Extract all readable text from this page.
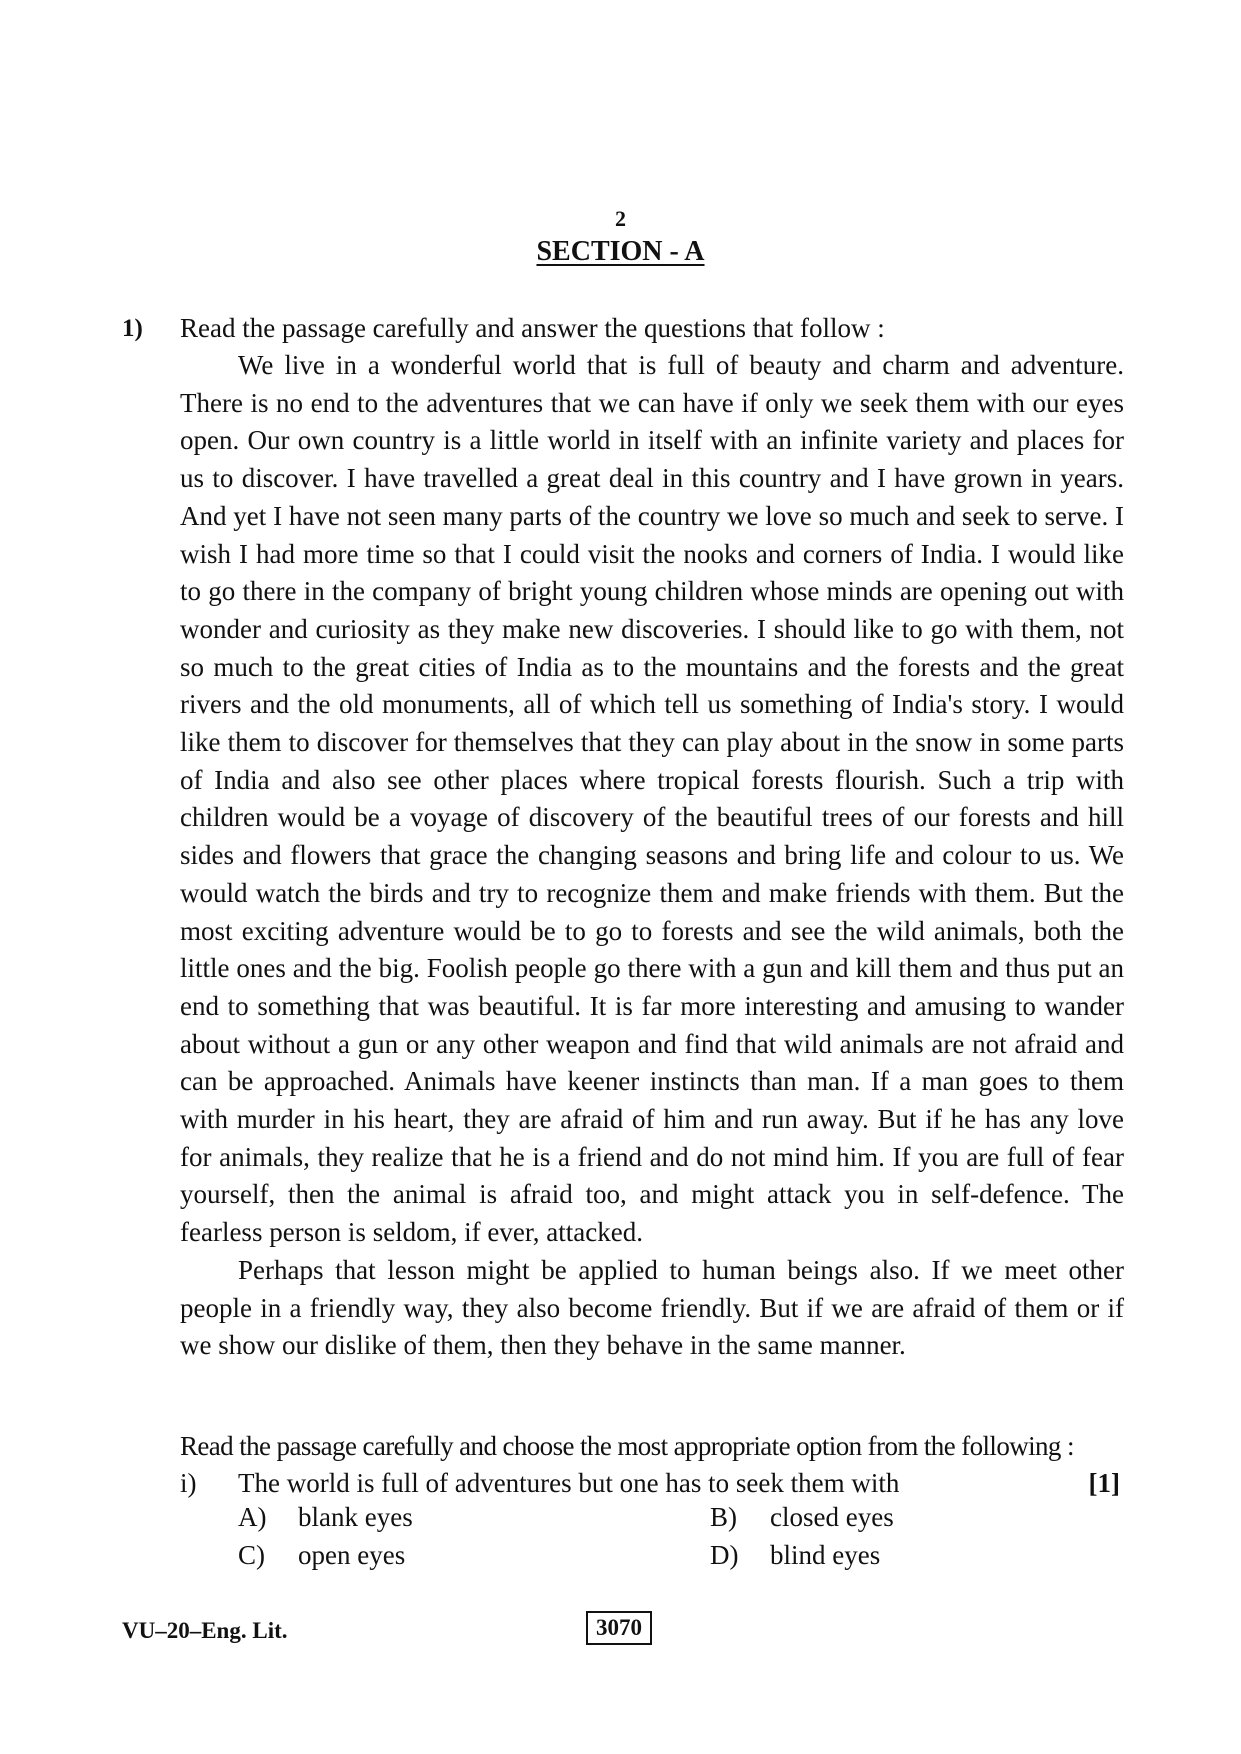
2
SECTION - A
1) Read the passage carefully and answer the questions that follow :

We live in a wonderful world that is full of beauty and charm and adventure. There is no end to the adventures that we can have if only we seek them with our eyes open. Our own country is a little world in itself with an infinite variety and places for us to discover. I have travelled a great deal in this country and I have grown in years. And yet I have not seen many parts of the country we love so much and seek to serve. I wish I had more time so that I could visit the nooks and corners of India. I would like to go there in the company of bright young children whose minds are opening out with wonder and curiosity as they make new discoveries. I should like to go with them, not so much to the great cities of India as to the mountains and the forests and the great rivers and the old monuments, all of which tell us something of India's story. I would like them to discover for themselves that they can play about in the snow in some parts of India and also see other places where tropical forests flourish. Such a trip with children would be a voyage of discovery of the beautiful trees of our forests and hill sides and flowers that grace the changing seasons and bring life and colour to us. We would watch the birds and try to recognize them and make friends with them. But the most exciting adventure would be to go to forests and see the wild animals, both the little ones and the big. Foolish people go there with a gun and kill them and thus put an end to something that was beautiful. It is far more interesting and amusing to wander about without a gun or any other weapon and find that wild animals are not afraid and can be approached. Animals have keener instincts than man. If a man goes to them with murder in his heart, they are afraid of him and run away. But if he has any love for animals, they realize that he is a friend and do not mind him. If you are full of fear yourself, then the animal is afraid too, and might attack you in self-defence. The fearless person is seldom, if ever, attacked.

Perhaps that lesson might be applied to human beings also. If we meet other people in a friendly way, they also become friendly. But if we are afraid of them or if we show our dislike of them, then they behave in the same manner.

Read the passage carefully and choose the most appropriate option from the following :
i) The world is full of adventures but one has to seek them with	[1]
A) blank eyes	B) closed eyes
C) open eyes	D) blind eyes
VU–20–Eng. Lit.	3070
